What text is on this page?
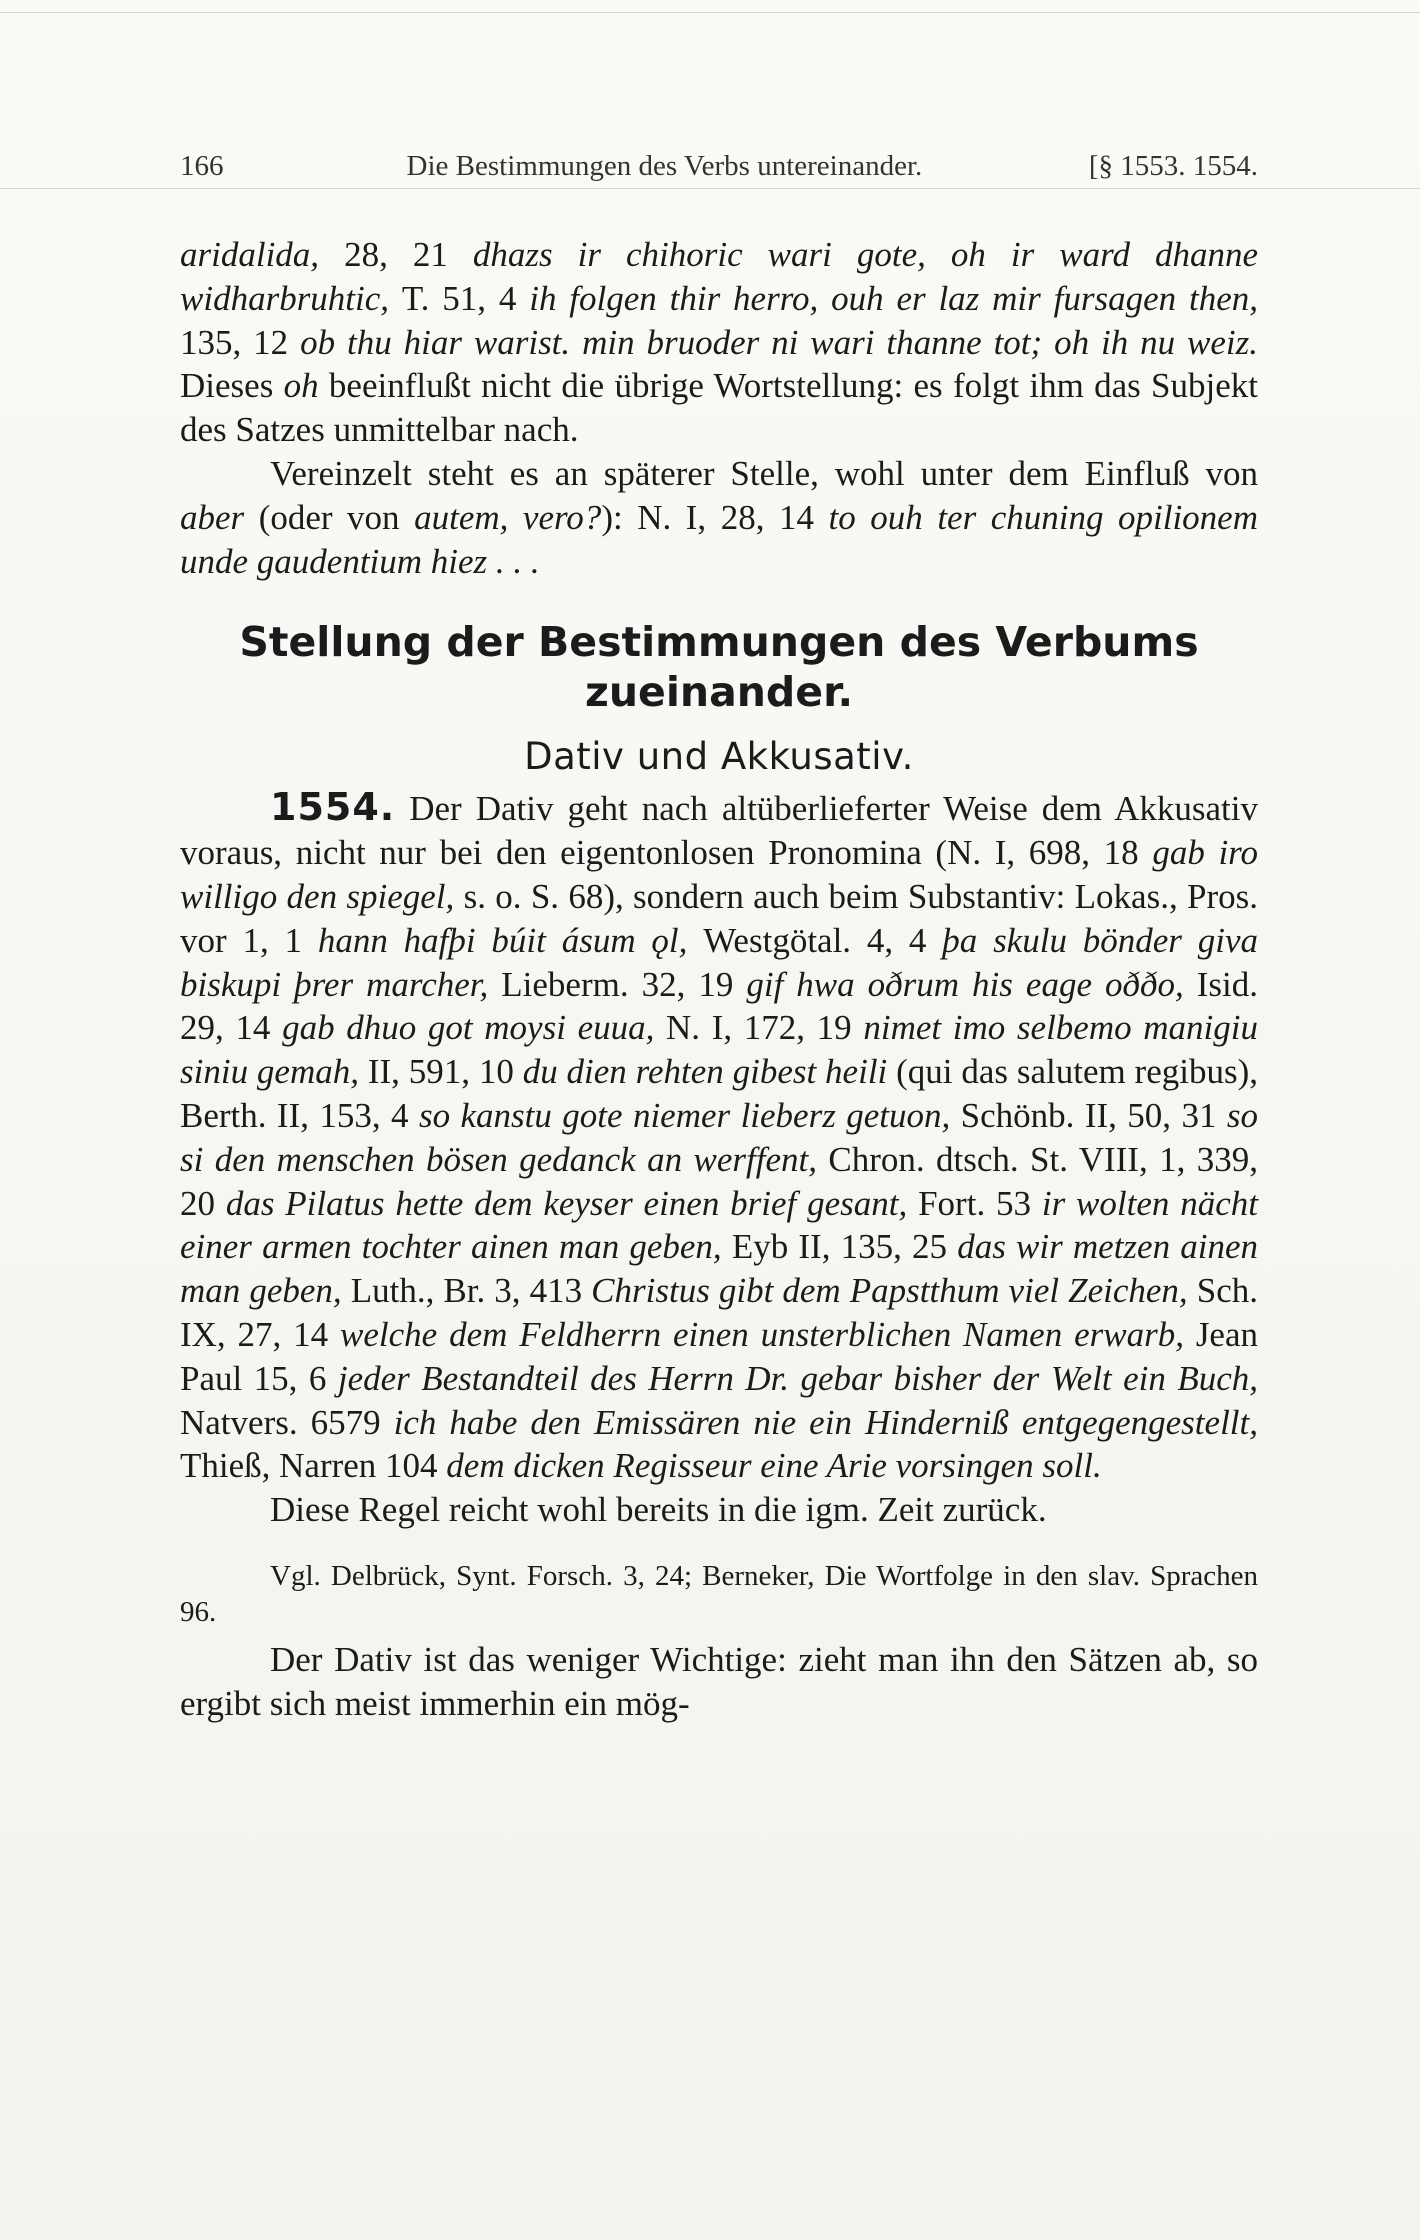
166	Die Bestimmungen des Verbs untereinander.	[§ 1553. 1554.

aridalida, 28, 21 dhazs ir chihoric wari gote, oh ir ward dhanne widharbruhtic, T. 51, 4 ih folgen thir herro, ouh er laz mir fursagen then, 135, 12 ob thu hiar warist. min bruoder ni wari thanne tot; oh ih nu weiz. Dieses oh beeinflußt nicht die übrige Wortstellung: es folgt ihm das Subjekt des Satzes unmittelbar nach.

Vereinzelt steht es an späterer Stelle, wohl unter dem Einfluß von aber (oder von autem, vero?): N. I, 28, 14 to ouh ter chuning opilionem unde gaudentium hiez . . .

Stellung der Bestimmungen des Verbums
zueinander.
Dativ und Akkusativ.

1554. Der Dativ geht nach altüberlieferter Weise dem Akkusativ voraus, nicht nur bei den eigentonlosen Pronomina (N. I, 698, 18 gab iro willigo den spiegel, s. o. S. 68), sondern auch beim Substantiv: Lokas., Pros. vor 1, 1 hann hafþi búit ásum ǫl, Westgötal. 4, 4 þa skulu bönder giva biskupi þrer marcher, Lieberm. 32, 19 gif hwa oðrum his eage oððo, Isid. 29, 14 gab dhuo got moysi euua, N. I, 172, 19 nimet imo selbemo manigiu siniu gemah, II, 591, 10 du dien rehten gibest heili (qui das salutem regibus), Berth. II, 153, 4 so kanstu gote niemer lieberz getuon, Schönb. II, 50, 31 so si den menschen bösen gedanck an werffent, Chron. dtsch. St. VIII, 1, 339, 20 das Pilatus hette dem keyser einen brief gesant, Fort. 53 ir wolten nächt einer armen tochter ainen man geben, Eyb II, 135, 25 das wir metzen ainen man geben, Luth., Br. 3, 413 Christus gibt dem Papstthum viel Zeichen, Sch. IX, 27, 14 welche dem Feldherrn einen unsterblichen Namen erwarb, Jean Paul 15, 6 jeder Bestandteil des Herrn Dr. gebar bisher der Welt ein Buch, Natvers. 6579 ich habe den Emissären nie ein Hinderniß entgegengestellt, Thieß, Narren 104 dem dicken Regisseur eine Arie vorsingen soll.

Diese Regel reicht wohl bereits in die igm. Zeit zurück.

Vgl. Delbrück, Synt. Forsch. 3, 24; Berneker, Die Wortfolge in den slav. Sprachen 96.

Der Dativ ist das weniger Wichtige: zieht man ihn den Sätzen ab, so ergibt sich meist immerhin ein mög-
